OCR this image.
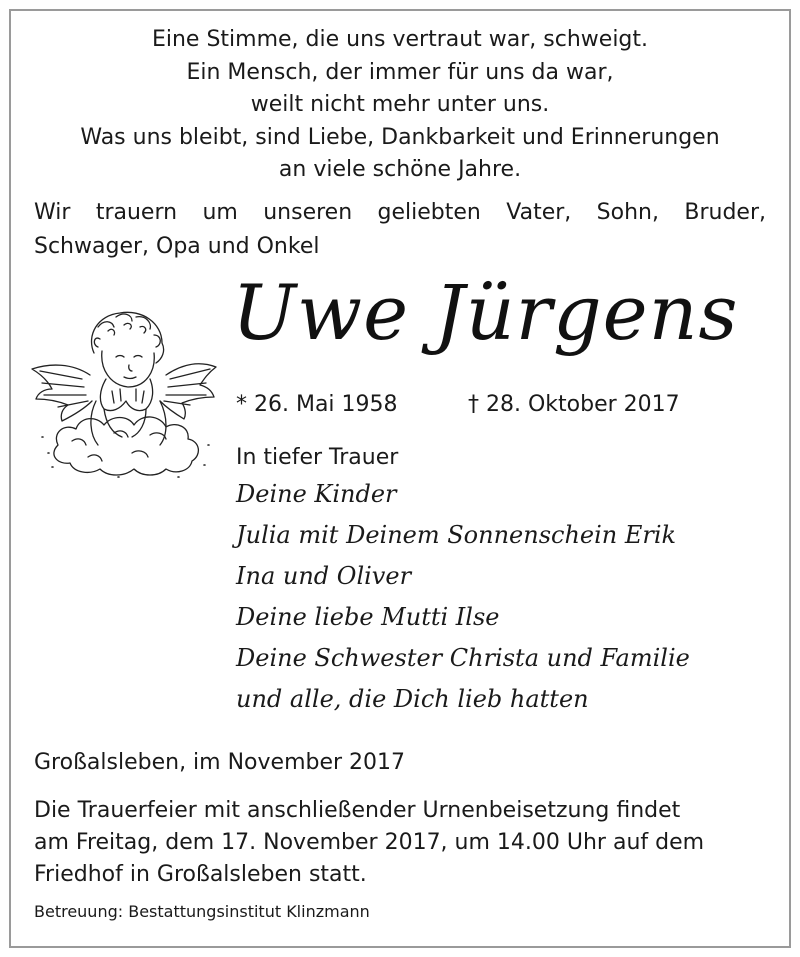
Eine Stimme, die uns vertraut war, schweigt.
Ein Mensch, der immer für uns da war,
weilt nicht mehr unter uns.
Was uns bleibt, sind Liebe, Dankbarkeit und Erinnerungen
an viele schöne Jahre.
Wir trauern um unseren geliebten Vater, Sohn, Bruder,
Schwager, Opa und Onkel
Uwe Jürgens
* 26. Mai 1958	† 28. Oktober 2017
In tiefer Trauer
Deine Kinder
Julia mit Deinem Sonnenschein Erik
Ina und Oliver
Deine liebe Mutti Ilse
Deine Schwester Christa und Familie
und alle, die Dich lieb hatten
Großalsleben, im November 2017
Die Trauerfeier mit anschließender Urnenbeisetzung findet
am Freitag, dem 17. November 2017, um 14.00 Uhr auf dem
Friedhof in Großalsleben statt.
Betreuung: Bestattungsinstitut Klinzmann
